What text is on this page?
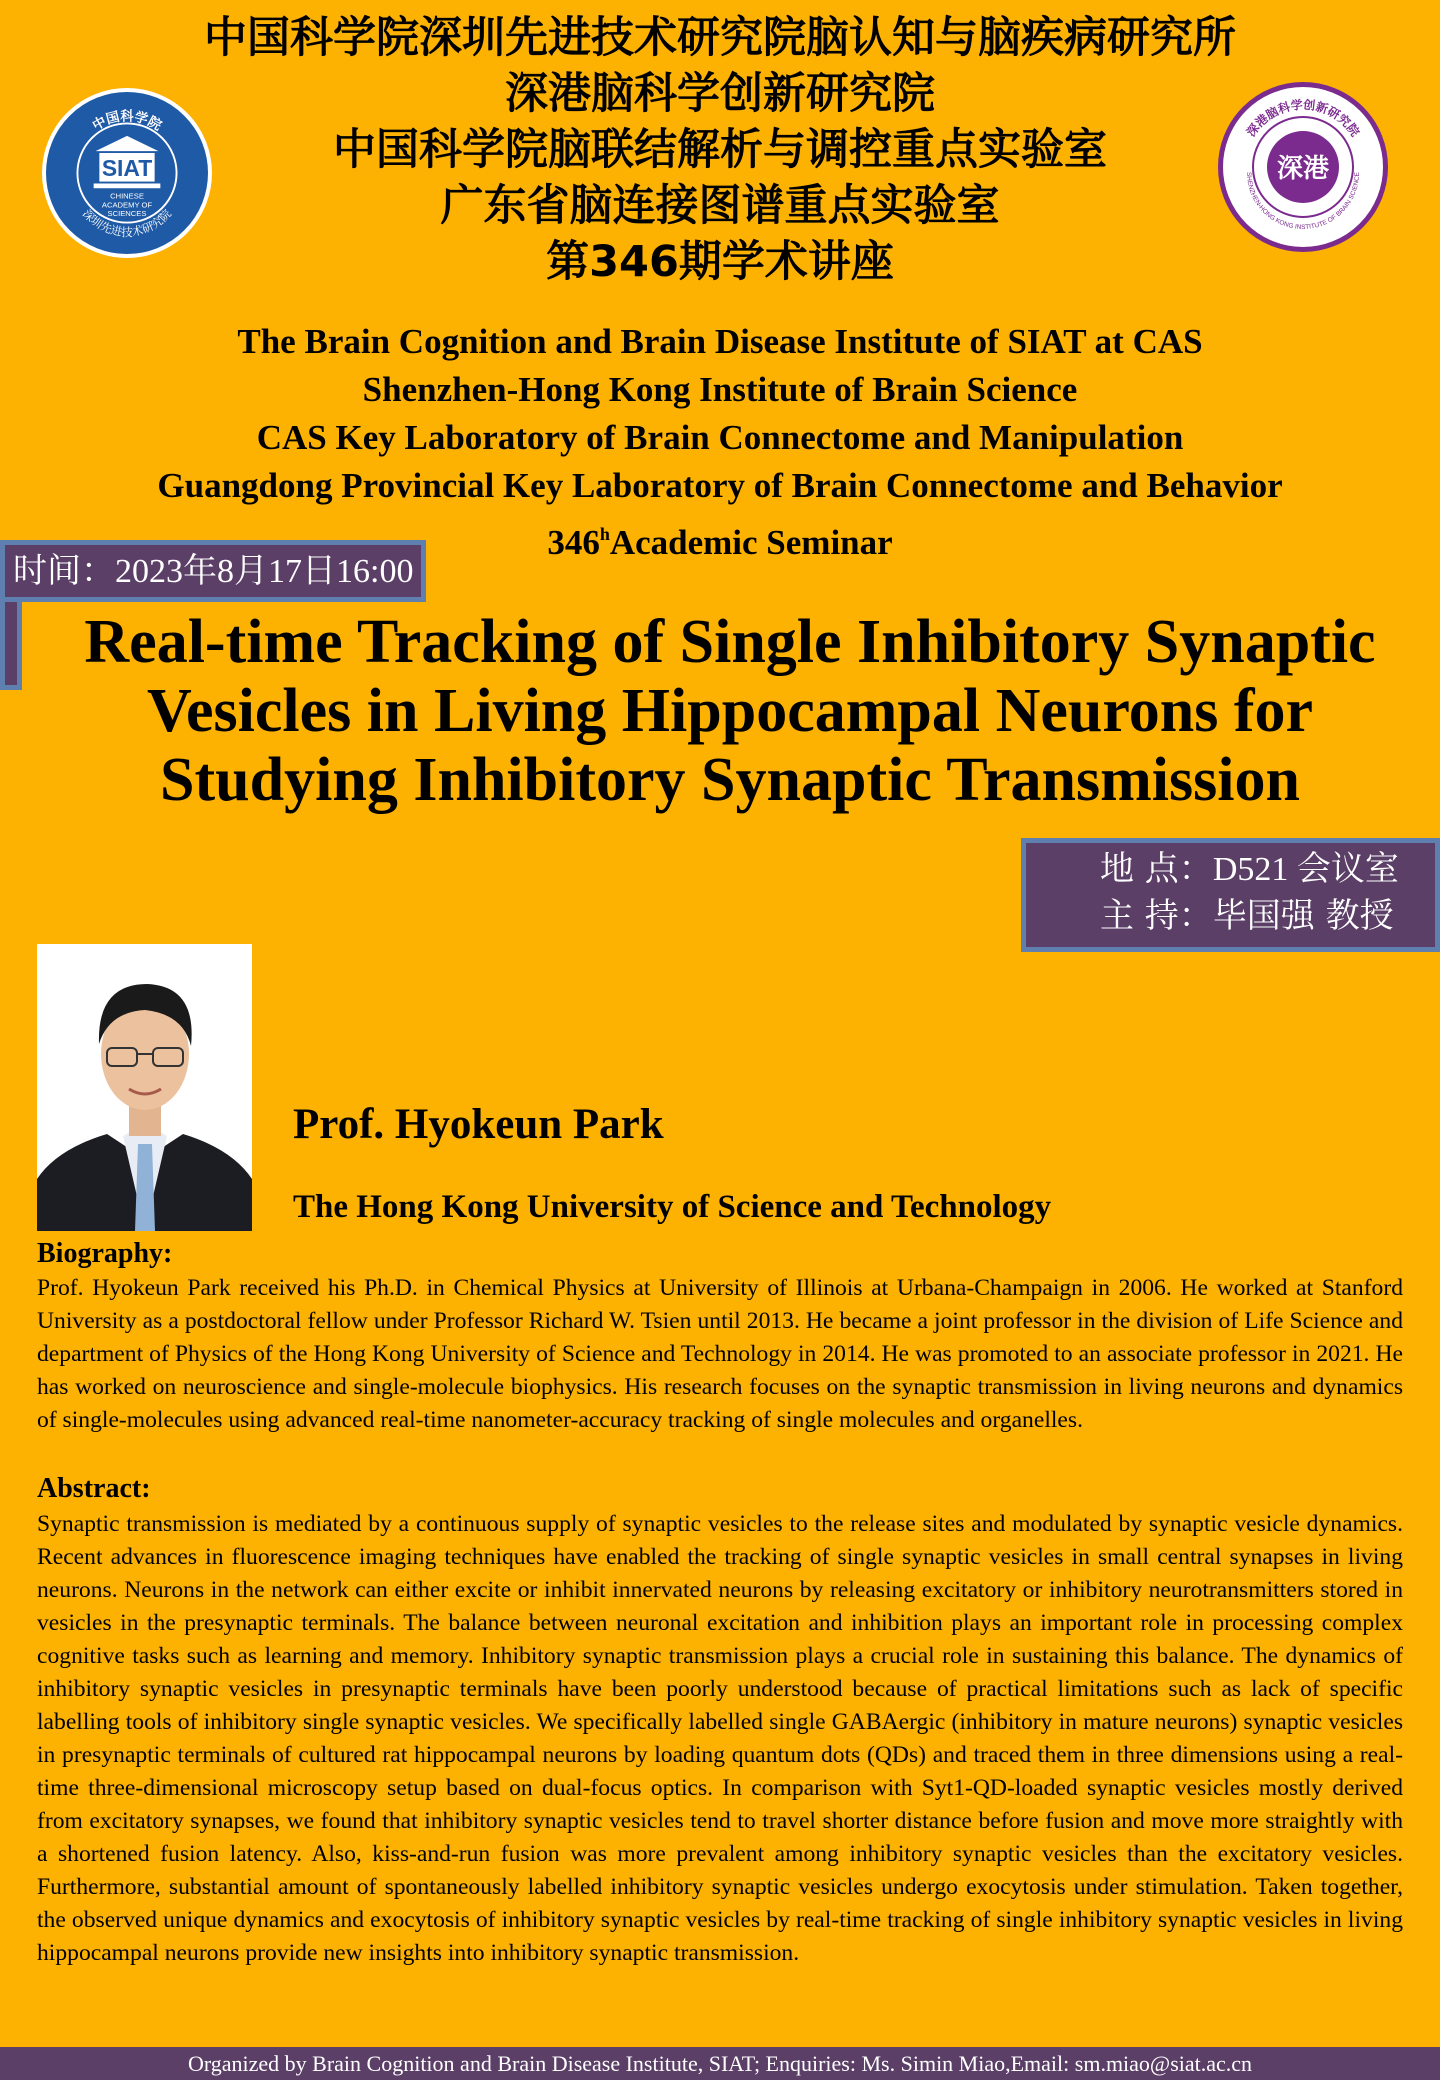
SIAT
CHINESE
ACADEMY OF
SCIENCES
中国科学院
深圳先进技术研究院
深港
深港脑科学创新研究院
SHENZHEN-HONG KONG INSTITUTE OF BRAIN SCIENCE
中国科学院深圳先进技术研究院脑认知与脑疾病研究所
深港脑科学创新研究院
中国科学院脑联结解析与调控重点实验室
广东省脑连接图谱重点实验室
第346期学术讲座
The Brain Cognition and Brain Disease Institute of SIAT at CAS
Shenzhen-Hong Kong Institute of Brain Science
CAS Key Laboratory of Brain Connectome and Manipulation
Guangdong Provincial Key Laboratory of Brain Connectome and Behavior
346$^h$Academic Seminar
时间：2023年8月17日16:00
Real-time Tracking of Single Inhibitory Synaptic
Vesicles in Living Hippocampal Neurons for
Studying Inhibitory Synaptic Transmission
地 点：D521 会议室
主 持：毕国强 教授
Prof. Hyokeun Park
The Hong Kong University of Science and Technology
Biography:
Prof. Hyokeun Park received his Ph.D. in Chemical Physics at University of Illinois at Urbana-Champaign in 2006. He worked at Stanford University as a postdoctoral fellow under Professor Richard W. Tsien until 2013. He became a joint professor in the division of Life Science and department of Physics of the Hong Kong University of Science and Technology in 2014. He was promoted to an associate professor in 2021. He has worked on neuroscience and single-molecule biophysics. His research focuses on the synaptic transmission in living neurons and dynamics of single-molecules using advanced real-time nanometer-accuracy tracking of single molecules and organelles.
Abstract:
Synaptic transmission is mediated by a continuous supply of synaptic vesicles to the release sites and modulated by synaptic vesicle dynamics. Recent advances in fluorescence imaging techniques have enabled the tracking of single synaptic vesicles in small central synapses in living neurons. Neurons in the network can either excite or inhibit innervated neurons by releasing excitatory or inhibitory neurotransmitters stored in vesicles in the presynaptic terminals. The balance between neuronal excitation and inhibition plays an important role in processing complex cognitive tasks such as learning and memory. Inhibitory synaptic transmission plays a crucial role in sustaining this balance. The dynamics of inhibitory synaptic vesicles in presynaptic terminals have been poorly understood because of practical limitations such as lack of specific labelling tools of inhibitory single synaptic vesicles. We specifically labelled single GABAergic (inhibitory in mature neurons) synaptic vesicles in presynaptic terminals of cultured rat hippocampal neurons by loading quantum dots (QDs) and traced them in three dimensions using a real-time three-dimensional microscopy setup based on dual-focus optics. In comparison with Syt1-QD-loaded synaptic vesicles mostly derived from excitatory synapses, we found that inhibitory synaptic vesicles tend to travel shorter distance before fusion and move more straightly with a shortened fusion latency. Also, kiss-and-run fusion was more prevalent among inhibitory synaptic vesicles than the excitatory vesicles. Furthermore, substantial amount of spontaneously labelled inhibitory synaptic vesicles undergo exocytosis under stimulation. Taken together, the observed unique dynamics and exocytosis of inhibitory synaptic vesicles by real-time tracking of single inhibitory synaptic vesicles in living hippocampal neurons provide new insights into inhibitory synaptic transmission.
Organized by Brain Cognition and Brain Disease Institute, SIAT; Enquiries: Ms. Simin Miao,Email: sm.miao@siat.ac.cn
